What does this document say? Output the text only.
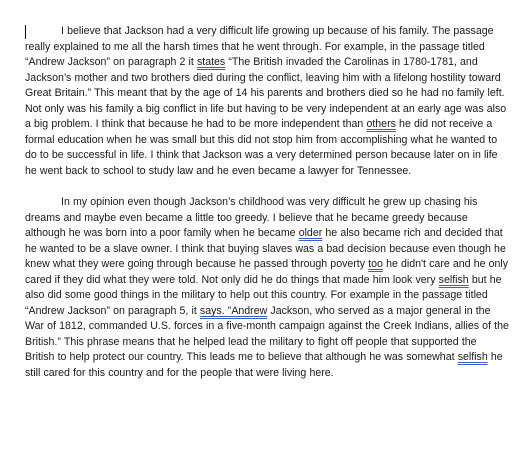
I believe that Jackson had a very difficult life growing up because of his family. The passage really explained to me all the harsh times that he went through. For example, in the passage titled “Andrew Jackson” on paragraph 2 it states “The British invaded the Carolinas in 1780-1781, and Jackson’s mother and two brothers died during the conflict, leaving him with a lifelong hostility toward Great Britain.” This meant that by the age of 14 his parents and brothers died so he had no family left. Not only was his family a big conflict in life but having to be very independent at an early age was also a big problem. I think that because he had to be more independent than others he did not receive a formal education when he was small but this did not stop him from accomplishing what he wanted to do to be successful in life. I think that Jackson was a very determined person because later on in life he went back to school to study law and he even became a lawyer for Tennessee.

In my opinion even though Jackson’s childhood was very difficult he grew up chasing his dreams and maybe even became a little too greedy. I believe that he became greedy because although he was born into a poor family when he became older he also became rich and decided that he wanted to be a slave owner. I think that buying slaves was a bad decision because even though he knew what they were going through because he passed through poverty too he didn't care and he only cared if they did what they were told. Not only did he do things that made him look very selfish but he also did some good things in the military to help out this country. For example in the passage titled “Andrew Jackson” on paragraph 5, it says. ”Andrew Jackson, who served as a major general in the War of 1812, commanded U.S. forces in a five-month campaign against the Creek Indians, allies of the British.” This phrase means that he helped lead the military to fight off people that supported the British to help protect our country. This leads me to believe that although he was somewhat selfish he still cared for this country and for the people that were living here.
